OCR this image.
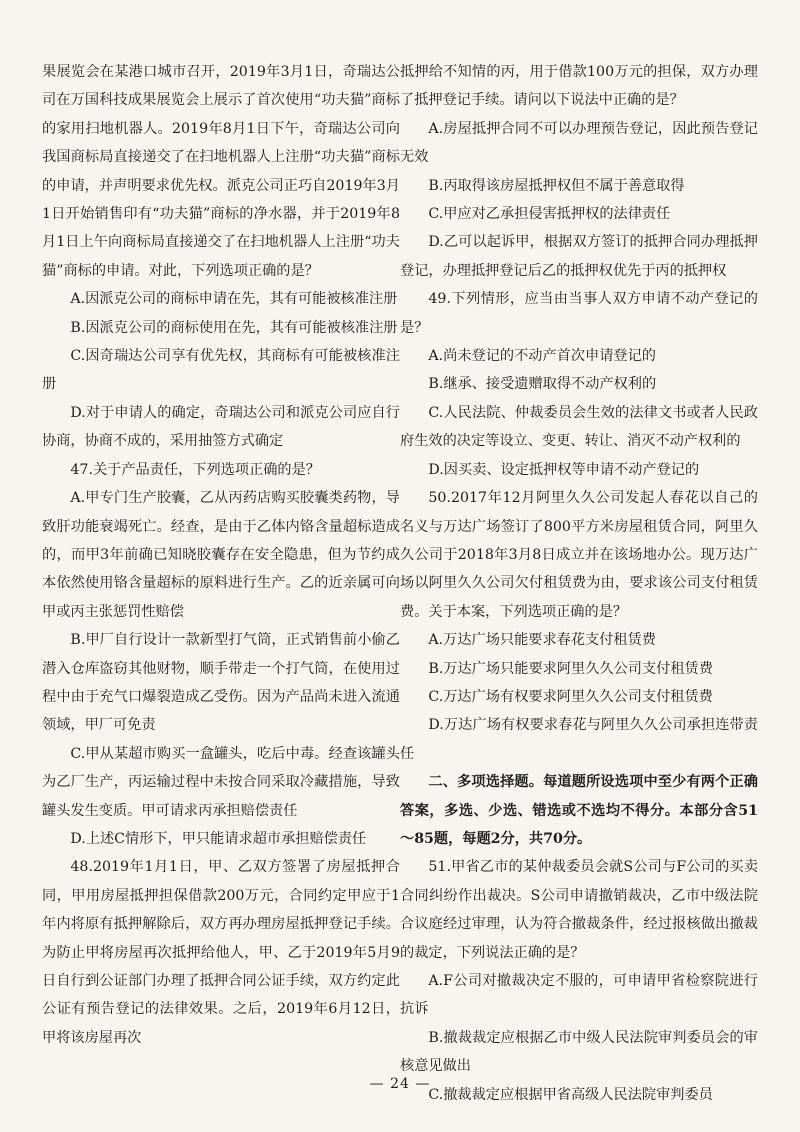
果展览会在某港口城市召开，2019年3月1日，奇瑞达公司在万国科技成果展览会上展示了首次使用“功夫猫”商标的家用扫地机器人。2019年8月1日下午，奇瑞达公司向我国商标局直接递交了在扫地机器人上注册“功夫猫”商标的申请，并声明要求优先权。派克公司正巧自2019年3月1日开始销售印有“功夫猫”商标的净水器，并于2019年8月1日上午向商标局直接递交了在扫地机器人上注册“功夫猫”商标的申请。对此，下列选项正确的是？

A.因派克公司的商标申请在先，其有可能被核准注册

B.因派克公司的商标使用在先，其有可能被核准注册

C.因奇瑞达公司享有优先权，其商标有可能被核准注册

D.对于申请人的确定，奇瑞达公司和派克公司应自行协商，协商不成的，采用抽签方式确定

47.关于产品责任，下列选项正确的是？

A.甲专门生产胶囊，乙从丙药店购买胶囊类药物，导致肝功能衰竭死亡。经查，是由于乙体内铬含量超标造成的，而甲3年前确已知晓胶囊存在安全隐患，但为节约成本依然使用铬含量超标的原料进行生产。乙的近亲属可向甲或丙主张惩罚性赔偿

B.甲厂自行设计一款新型打气筒，正式销售前小偷乙潜入仓库盗窃其他财物，顺手带走一个打气筒，在使用过程中由于充气口爆裂造成乙受伤。因为产品尚未进入流通领域，甲厂可免责

C.甲从某超市购买一盒罐头，吃后中毒。经查该罐头为乙厂生产，丙运输过程中未按合同采取冷藏措施，导致罐头发生变质。甲可请求丙承担赔偿责任

D.上述C情形下，甲只能请求超市承担赔偿责任

48.2019年1月1日，甲、乙双方签署了房屋抵押合同，甲用房屋抵押担保借款200万元，合同约定甲应于1年内将原有抵押解除后，双方再办理房屋抵押登记手续。为防止甲将房屋再次抵押给他人，甲、乙于2019年5月9日自行到公证部门办理了抵押合同公证手续，双方约定此公证有预告登记的法律效果。之后，2019年6月12日，甲将该房屋再次

抵押给不知情的丙，用于借款100万元的担保，双方办理了抵押登记手续。请问以下说法中正确的是？

A.房屋抵押合同不可以办理预告登记，因此预告登记无效

B.丙取得该房屋抵押权但不属于善意取得

C.甲应对乙承担侵害抵押权的法律责任

D.乙可以起诉甲，根据双方签订的抵押合同办理抵押登记，办理抵押登记后乙的抵押权优先于丙的抵押权

49.下列情形，应当由当事人双方申请不动产登记的是？

A.尚未登记的不动产首次申请登记的

B.继承、接受遗赠取得不动产权利的

C.人民法院、仲裁委员会生效的法律文书或者人民政府生效的决定等设立、变更、转让、消灭不动产权利的

D.因买卖、设定抵押权等申请不动产登记的

50.2017年12月阿里久久公司发起人春花以自己的名义与万达广场签订了800平方米房屋租赁合同，阿里久久公司于2018年3月8日成立并在该场地办公。现万达广场以阿里久久公司欠付租赁费为由，要求该公司支付租赁费。关于本案，下列选项正确的是？

A.万达广场只能要求春花支付租赁费

B.万达广场只能要求阿里久久公司支付租赁费

C.万达广场有权要求阿里久久公司支付租赁费

D.万达广场有权要求春花与阿里久久公司承担连带责任

二、多项选择题。每道题所设选项中至少有两个正确答案，多选、少选、错选或不选均不得分。本部分含51～85题，每题2分，共70分。

51.甲省乙市的某仲裁委员会就S公司与F公司的买卖合同纠纷作出裁决。S公司申请撤销裁决，乙市中级法院合议庭经过审理，认为符合撤裁条件，经过报核做出撤裁的裁定，下列说法正确的是？

A.F公司对撤裁决定不服的，可申请甲省检察院进行抗诉

B.撤裁裁定应根据乙市中级人民法院审判委员会的审核意见做出

C.撤裁裁定应根据甲省高级人民法院审判委员

— 24 —
